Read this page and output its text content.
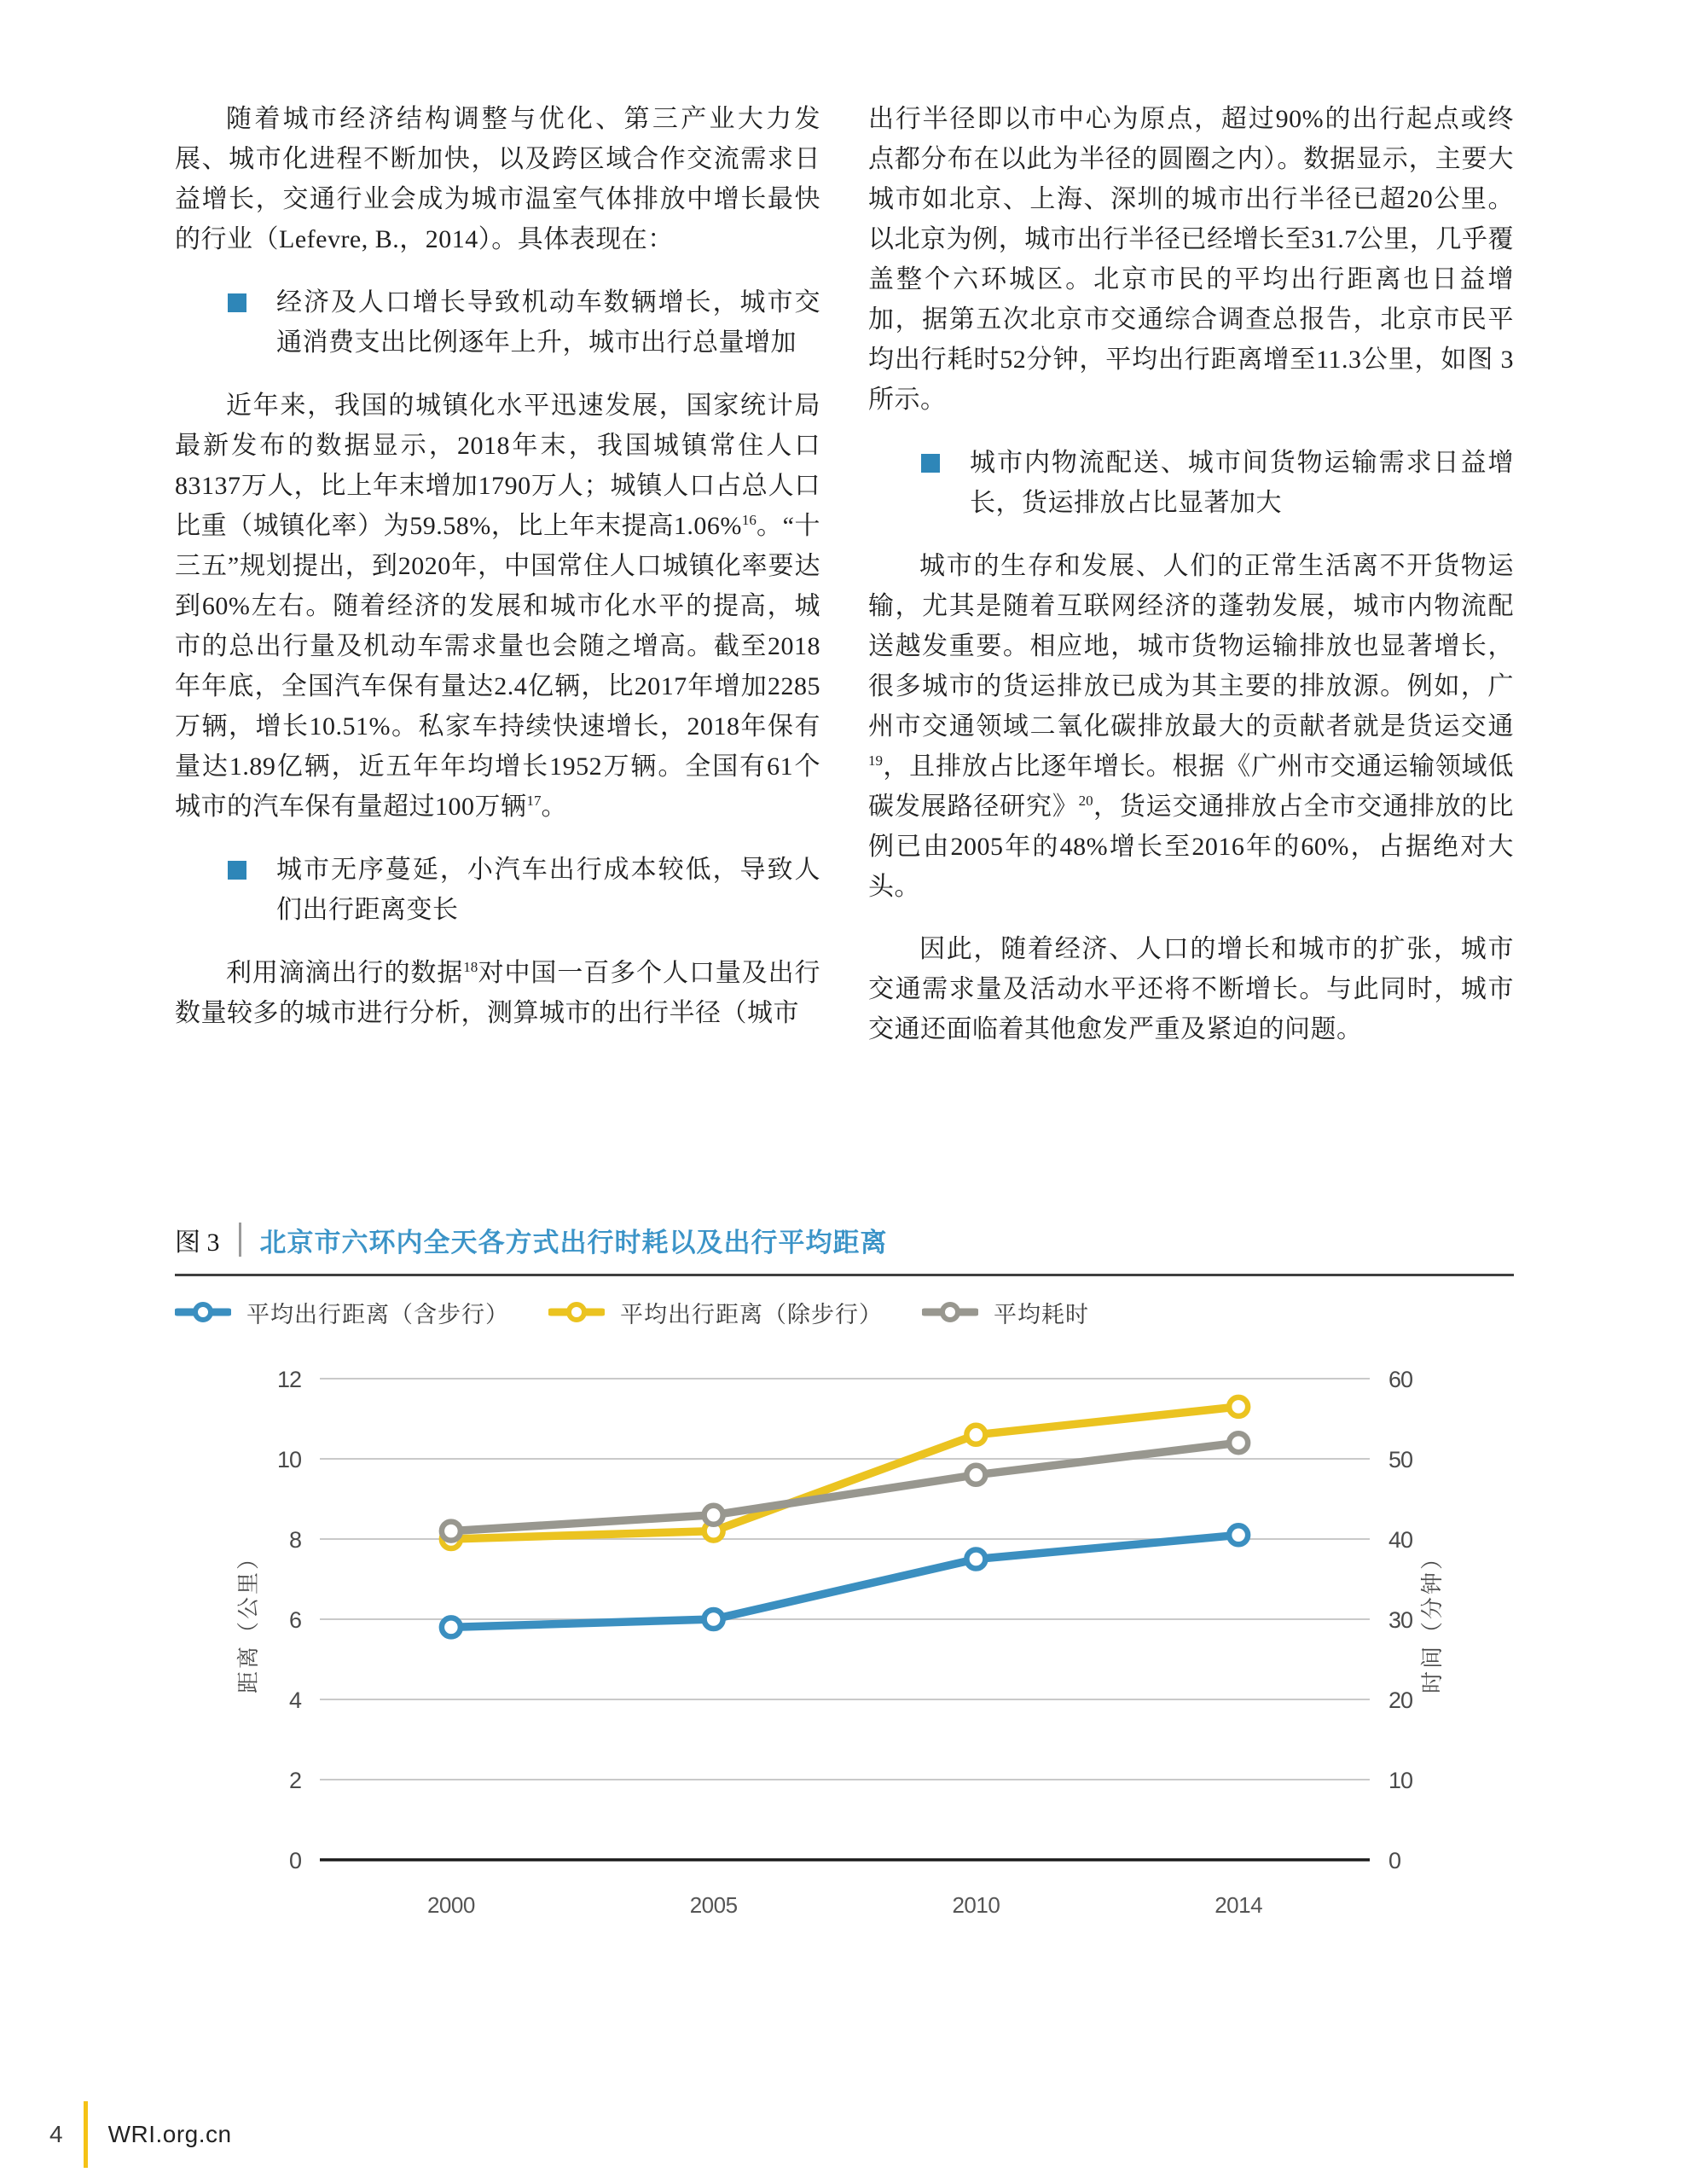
随着城市经济结构调整与优化、第三产业大力发展、城市化进程不断加快，以及跨区域合作交流需求日益增长，交通行业会成为城市温室气体排放中增长最快的行业（Lefevre, B.，2014）。具体表现在：

经济及人口增长导致机动车数辆增长，城市交通消费支出比例逐年上升，城市出行总量增加

近年来，我国的城镇化水平迅速发展，国家统计局最新发布的数据显示，2018年末，我国城镇常住人口83137万人，比上年末增加1790万人；城镇人口占总人口比重（城镇化率）为59.58%，比上年末提高1.06%$^{16}$。“十三五”规划提出，到2020年，中国常住人口城镇化率要达到60%左右。随着经济的发展和城市化水平的提高，城市的总出行量及机动车需求量也会随之增高。截至2018年年底，全国汽车保有量达2.4亿辆，比2017年增加2285万辆，增长10.51%。私家车持续快速增长，2018年保有量达1.89亿辆，近五年年均增长1952万辆。全国有61个城市的汽车保有量超过100万辆$^{17}$。

城市无序蔓延，小汽车出行成本较低，导致人们出行距离变长

利用滴滴出行的数据$^{18}$对中国一百多个人口量及出行数量较多的城市进行分析，测算城市的出行半径（城市

出行半径即以市中心为原点，超过90%的出行起点或终点都分布在以此为半径的圆圈之内）。数据显示，主要大城市如北京、上海、深圳的城市出行半径已超20公里。以北京为例，城市出行半径已经增长至31.7公里，几乎覆盖整个六环城区。北京市民的平均出行距离也日益增加，据第五次北京市交通综合调查总报告，北京市民平均出行耗时52分钟，平均出行距离增至11.3公里，如图 3 所示。

城市内物流配送、城市间货物运输需求日益增长，货运排放占比显著加大

城市的生存和发展、人们的正常生活离不开货物运输，尤其是随着互联网经济的蓬勃发展，城市内物流配送越发重要。相应地，城市货物运输排放也显著增长，很多城市的货运排放已成为其主要的排放源。例如，广州市交通领域二氧化碳排放最大的贡献者就是货运交通$^{19}$，且排放占比逐年增长。根据《广州市交通运输领域低碳发展路径研究》$^{20}$，货运交通排放占全市交通排放的比例已由2005年的48%增长至2016年的60%，占据绝对大头。

因此，随着经济、人口的增长和城市的扩张，城市交通需求量及活动水平还将不断增长。与此同时，城市交通还面临着其他愈发严重及紧迫的问题。

图 3 北京市六环内全天各方式出行时耗以及出行平均距离
平均出行距离（含步行）	平均出行距离（除步行）	平均耗时
0	0
2	10
4	20
6	30
8	40
10	50
12	60
2000	2005	2010	2014
距离（公里）	时间（分钟）
4 WRI.org.cn
